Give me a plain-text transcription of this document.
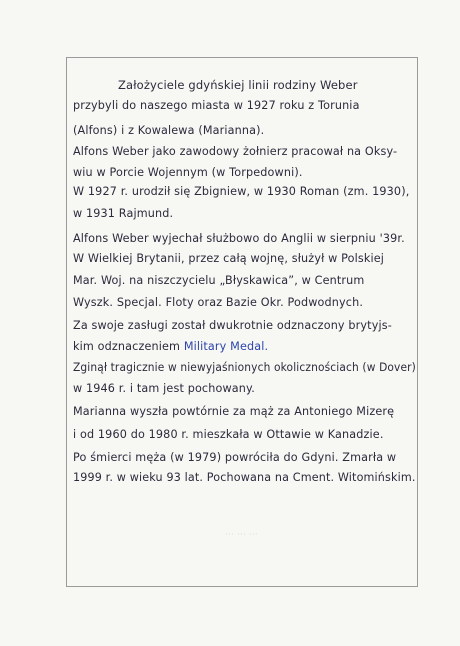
Założyciele gdyńskiej linii rodziny Weber
przybyli do naszego miasta w 1927 roku z Torunia
(Alfons) i z Kowalewa (Marianna).
Alfons Weber jako zawodowy żołnierz pracował na Oksy-
wiu w Porcie Wojennym (w Torpedowni).
W 1927 r. urodził się Zbigniew, w 1930 Roman (zm. 1930),
w 1931 Rajmund.
Alfons Weber wyjechał służbowo do Anglii w sierpniu '39r.
W Wielkiej Brytanii, przez całą wojnę, służył w Polskiej
Mar. Woj. na niszczycielu „Błyskawica”, w Centrum
Wyszk. Specjal. Floty oraz Bazie Okr. Podwodnych.
Za swoje zasługi został dwukrotnie odznaczony brytyjs-
kim odznaczeniem Military Medal.
Zginął tragicznie w niewyjaśnionych okolicznościach (w Dover)
w 1946 r. i tam jest pochowany.
Marianna wyszła powtórnie za mąż za Antoniego Mizerę
i od 1960 do 1980 r. mieszkała w Ottawie w Kanadzie.
Po śmierci męża (w 1979) powróciła do Gdyni. Zmarła w
1999 r. w wieku 93 lat. Pochowana na Cment. Witomińskim.
⋯ ⋯ ⋯
